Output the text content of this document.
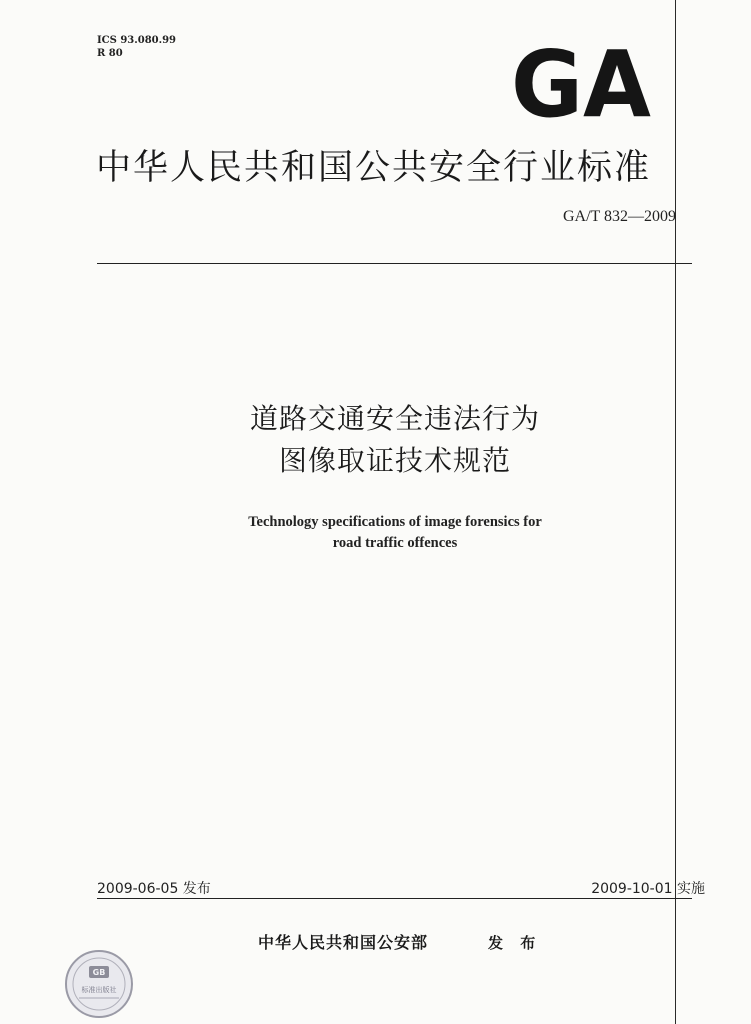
ICS 93.080.99
R 80	GA
中华人民共和国公共安全行业标准
GA/T 832—2009
道路交通安全违法行为
图像取证技术规范
Technology specifications of image forensics for
road traffic offences
2009-06-05 发布	2009-10-01 实施
中华人民共和国公安部	发 布
GB
标准出版社
